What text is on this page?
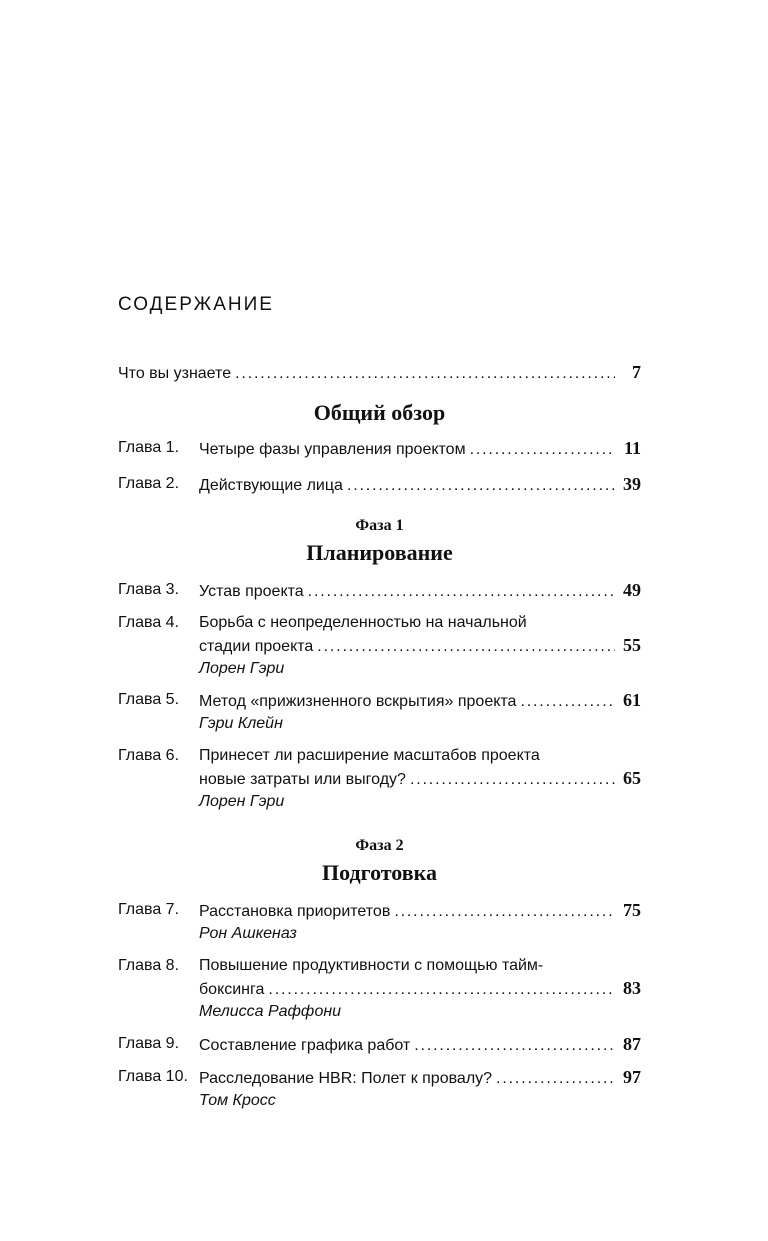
СОДЕРЖАНИЕ
Что вы узнаете . . .	7
Общий обзор
Глава 1. Четыре фазы управления проектом . . .	11
Глава 2. Действующие лица . . .	39
Фаза 1
Планирование
Глава 3. Устав проекта . . .	49
Глава 4. Борьба с неопределенностью на начальной
стадии проекта . . .	55
Лорен Гэри
Глава 5. Метод «прижизненного вскрытия» проекта . . .	61
Гэри Клейн
Глава 6. Принесет ли расширение масштабов проекта
новые затраты или выгоду? . . .	65
Лорен Гэри
Фаза 2
Подготовка
Глава 7. Расстановка приоритетов . . .	75
Рон Ашкеназ
Глава 8. Повышение продуктивности с помощью тайм-
боксинга . . .	83
Мелисса Раффони
Глава 9. Составление графика работ . . .	87
Глава 10. Расследование HBR: Полет к провалу? . . .	97
Том Кросс
